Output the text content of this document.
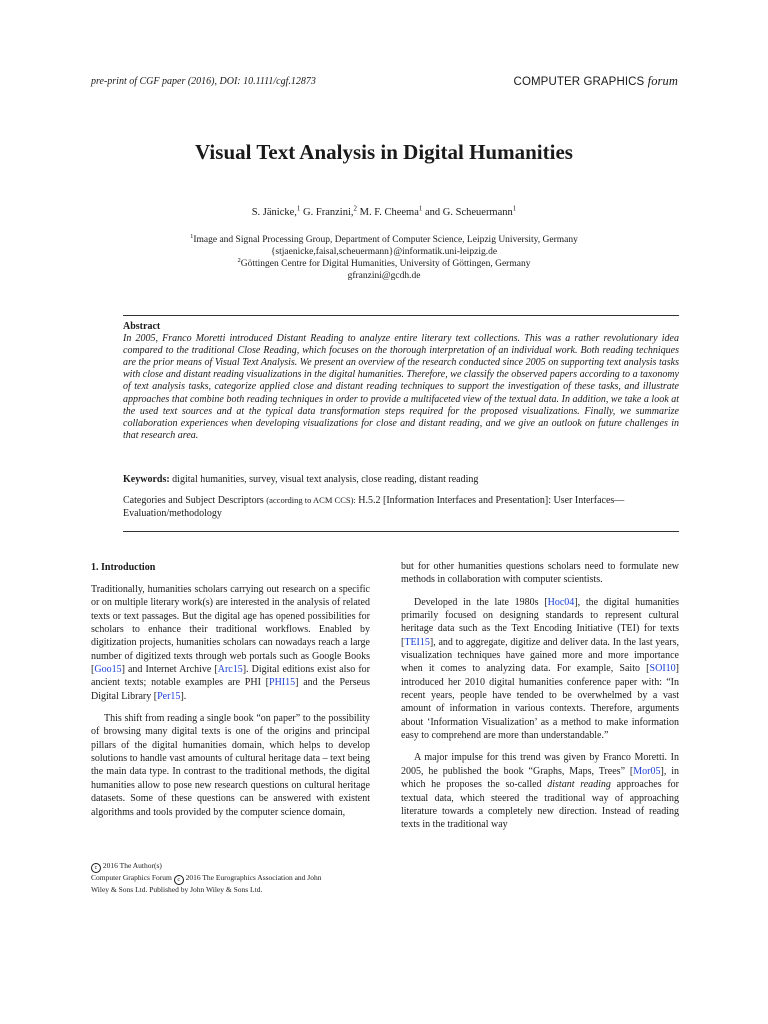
pre-print of CGF paper (2016), DOI: 10.1111/cgf.12873	COMPUTER GRAPHICS forum
Visual Text Analysis in Digital Humanities
S. Jänicke,$^1$ G. Franzini,$^2$ M. F. Cheema$^1$ and G. Scheuermann$^1$
$^1$Image and Signal Processing Group, Department of Computer Science, Leipzig University, Germany
{stjaenicke,faisal,scheuermann}@informatik.uni-leipzig.de
$^2$Göttingen Centre for Digital Humanities, University of Göttingen, Germany
gfranzini@gcdh.de
Abstract
In 2005, Franco Moretti introduced Distant Reading to analyze entire literary text collections. This was a rather revolutionary idea compared to the traditional Close Reading, which focuses on the thorough interpretation of an individual work. Both reading techniques are the prior means of Visual Text Analysis. We present an overview of the research conducted since 2005 on supporting text analysis tasks with close and distant reading visualizations in the digital humanities. Therefore, we classify the observed papers according to a taxonomy of text analysis tasks, categorize applied close and distant reading techniques to support the investigation of these tasks, and illustrate approaches that combine both reading techniques in order to provide a multifaceted view of the textual data. In addition, we take a look at the used text sources and at the typical data transformation steps required for the proposed visualizations. Finally, we summarize collaboration experiences when developing visualizations for close and distant reading, and we give an outlook on future challenges in that research area.
Keywords: digital humanities, survey, visual text analysis, close reading, distant reading
Categories and Subject Descriptors (according to ACM CCS): H.5.2 [Information Interfaces and Presentation]: User Interfaces—Evaluation/methodology
1. Introduction

Traditionally, humanities scholars carrying out research on a specific or on multiple literary work(s) are interested in the analysis of related texts or text passages. But the digital age has opened possibilities for scholars to enhance their traditional workflows. Enabled by digitization projects, humanities scholars can nowadays reach a large number of digitized texts through web portals such as Google Books [Goo15] and Internet Archive [Arc15]. Digital editions exist also for ancient texts; notable examples are PHI [PHI15] and the Perseus Digital Library [Per15].

This shift from reading a single book “on paper” to the possibility of browsing many digital texts is one of the origins and principal pillars of the digital humanities domain, which helps to develop solutions to handle vast amounts of cultural heritage data – text being the main data type. In contrast to the traditional methods, the digital humanities allow to pose new research questions on cultural heritage datasets. Some of these questions can be answered with existent algorithms and tools provided by the computer science domain,

but for other humanities questions scholars need to formulate new methods in collaboration with computer scientists.

Developed in the late 1980s [Hoc04], the digital humanities primarily focused on designing standards to represent cultural heritage data such as the Text Encoding Initiative (TEI) for texts [TEI15], and to aggregate, digitize and deliver data. In the last years, visualization techniques have gained more and more importance when it comes to analyzing data. For example, Saito [SOI10] introduced her 2010 digital humanities conference paper with: “In recent years, people have tended to be overwhelmed by a vast amount of information in various contexts. Therefore, arguments about ‘Information Visualization’ as a method to make information easy to comprehend are more than understandable.”

A major impulse for this trend was given by Franco Moretti. In 2005, he published the book “Graphs, Maps, Trees” [Mor05], in which he proposes the so-called distant reading approaches for textual data, which steered the traditional way of approaching literature towards a completely new direction. Instead of reading texts in the traditional way

c 2016 The Author(s)
Computer Graphics Forum c 2016 The Eurographics Association and John
Wiley & Sons Ltd. Published by John Wiley & Sons Ltd.
